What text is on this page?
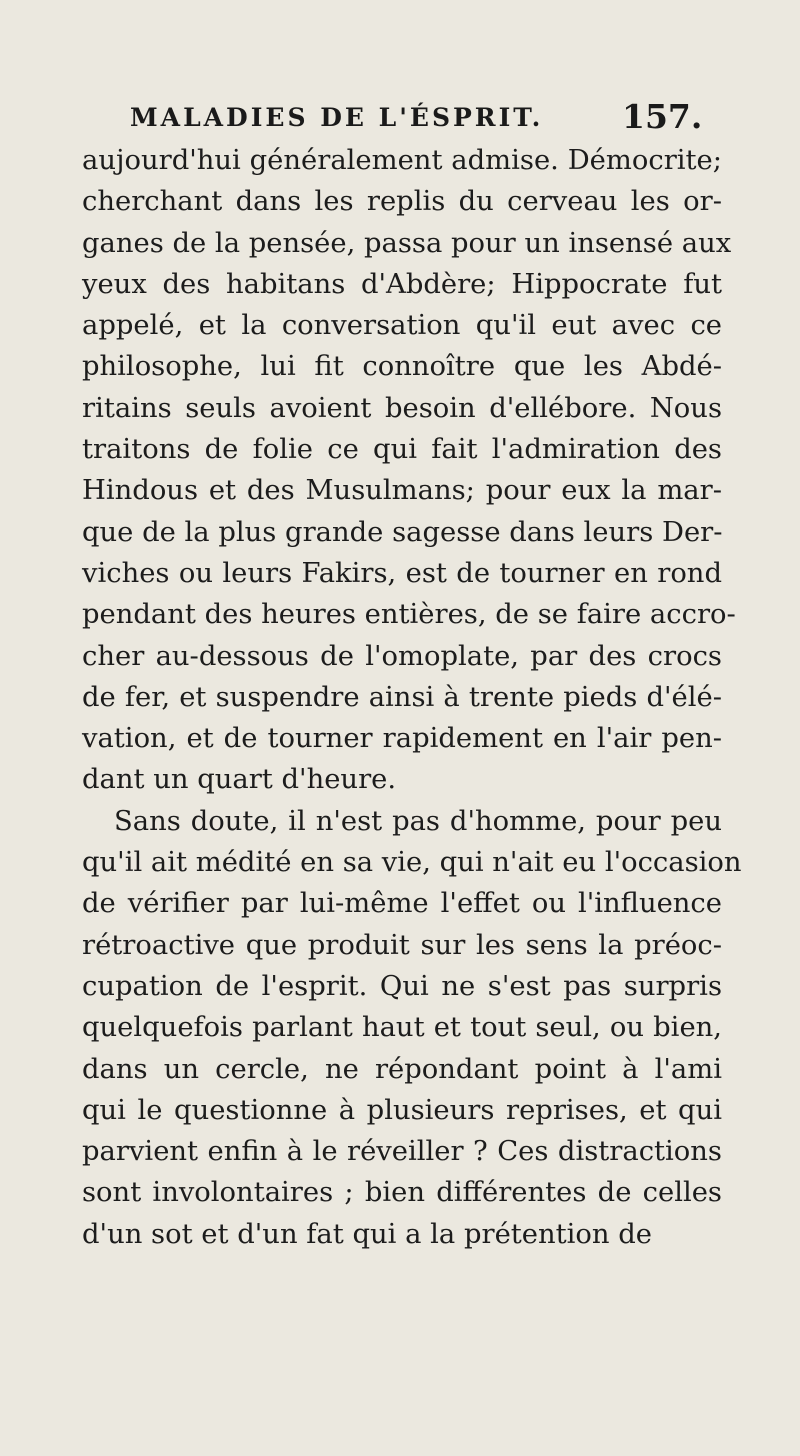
MALADIES DE L'ÉSPRIT. 157.
aujourd'hui généralement admise. Démocrite;
cherchant dans les replis du cerveau les or-
ganes de la pensée, passa pour un insensé aux
yeux des habitans d'Abdère; Hippocrate fut
appelé, et la conversation qu'il eut avec ce
philosophe, lui fit connoître que les Abdé-
ritains seuls avoient besoin d'ellébore. Nous
traitons de folie ce qui fait l'admiration des
Hindous et des Musulmans; pour eux la mar-
que de la plus grande sagesse dans leurs Der-
viches ou leurs Fakirs, est de tourner en rond
pendant des heures entières, de se faire accro-
cher au-dessous de l'omoplate, par des crocs
de fer, et suspendre ainsi à trente pieds d'élé-
vation, et de tourner rapidement en l'air pen-
dant un quart d'heure.
Sans doute, il n'est pas d'homme, pour peu
qu'il ait médité en sa vie, qui n'ait eu l'occasion
de vérifier par lui-même l'effet ou l'influence
rétroactive que produit sur les sens la préoc-
cupation de l'esprit. Qui ne s'est pas surpris
quelquefois parlant haut et tout seul, ou bien,
dans un cercle, ne répondant point à l'ami
qui le questionne à plusieurs reprises, et qui
parvient enfin à le réveiller ? Ces distractions
sont involontaires ; bien différentes de celles
d'un sot et d'un fat qui a la prétention de
